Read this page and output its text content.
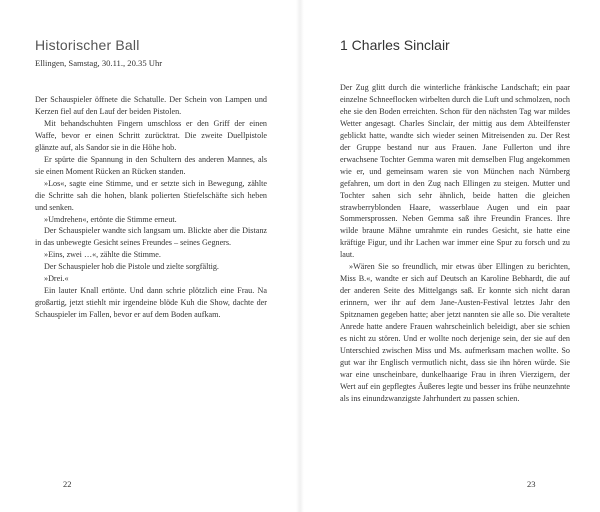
Historischer Ball
Ellingen, Samstag, 30.11., 20.35 Uhr

Der Schauspieler öffnete die Schatulle. Der Schein von Lampen und Kerzen fiel auf den Lauf der beiden Pistolen.

Mit behandschuhten Fingern umschloss er den Griff der einen Waffe, bevor er einen Schritt zurücktrat. Die zweite Duellpistole glänzte auf, als Sandor sie in die Höhe hob.

Er spürte die Spannung in den Schultern des anderen Mannes, als sie einen Moment Rücken an Rücken standen.

»Los«, sagte eine Stimme, und er setzte sich in Bewegung, zählte die Schritte sah die hohen, blank polierten Stiefelschäfte sich heben und senken.

»Umdrehen«, ertönte die Stimme erneut.

Der Schauspieler wandte sich langsam um. Blickte aber die Distanz in das unbewegte Gesicht seines Freundes – seines Gegners.

»Eins, zwei …«, zählte die Stimme.

Der Schauspieler hob die Pistole und zielte sorgfältig.

»Drei.«

Ein lauter Knall ertönte. Und dann schrie plötzlich eine Frau. Na großartig, jetzt stiehlt mir irgendeine blöde Kuh die Show, dachte der Schauspieler im Fallen, bevor er auf dem Boden aufkam.

22
1 Charles Sinclair

Der Zug glitt durch die winterliche fränkische Landschaft; ein paar einzelne Schneeflocken wirbelten durch die Luft und schmolzen, noch ehe sie den Boden erreichten. Schon für den nächsten Tag war mildes Wetter angesagt. Charles Sinclair, der mittig aus dem Abteilfenster geblickt hatte, wandte sich wieder seinen Mitreisenden zu. Der Rest der Gruppe bestand nur aus Frauen. Jane Fullerton und ihre erwachsene Tochter Gemma waren mit demselben Flug angekommen wie er, und gemeinsam waren sie von München nach Nürnberg gefahren, um dort in den Zug nach Ellingen zu steigen. Mutter und Tochter sahen sich sehr ähnlich, beide hatten die gleichen strawberryblonden Haare, wasserblaue Augen und ein paar Sommersprossen. Neben Gemma saß ihre Freundin Frances. Ihre wilde braune Mähne umrahmte ein rundes Gesicht, sie hatte eine kräftige Figur, und ihr Lachen war immer eine Spur zu forsch und zu laut.

»Wären Sie so freundlich, mir etwas über Ellingen zu berichten, Miss B.«, wandte er sich auf Deutsch an Karoline Bebhardt, die auf der anderen Seite des Mittelgangs saß. Er konnte sich nicht daran erinnern, wer ihr auf dem Jane-Austen-Festival letztes Jahr den Spitznamen gegeben hatte; aber jetzt nannten sie alle so. Die veraltete Anrede hatte andere Frauen wahrscheinlich beleidigt, aber sie schien es nicht zu stören. Und er wollte noch derjenige sein, der sie auf den Unterschied zwischen Miss und Ms. aufmerksam machen wollte. So gut war ihr Englisch vermutlich nicht, dass sie ihn hören würde. Sie war eine unscheinbare, dunkelhaarige Frau in ihren Vierzigern, der Wert auf ein gepflegtes Äußeres legte und besser ins frühe neunzehnte als ins einundzwanzigste Jahrhundert zu passen schien.

23
